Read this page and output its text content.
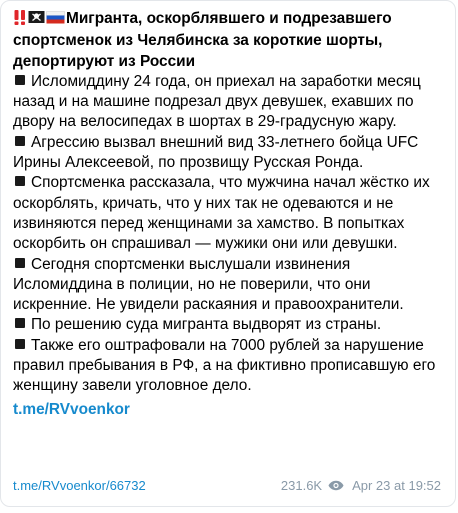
Мигранта, оскорблявшего и подрезавшего спортсменок из Челябинска за короткие шорты, депортируют из России

Исломиддину 24 года, он приехал на заработки месяц назад и на машине подрезал двух девушек, ехавших по двору на велосипедах в шортах в 29-градусную жару.

Агрессию вызвал внешний вид 33-летнего бойца UFC Ирины Алексеевой, по прозвищу Русская Ронда.

Спортсменка рассказала, что мужчина начал жёстко их оскорблять, кричать, что у них так не одеваются и не извиняются перед женщинами за хамство. В попытках оскорбить он спрашивал — мужики они или девушки.

Сегодня спортсменки выслушали извинения Исломиддина в полиции, но не поверили, что они искренние. Не увидели раскаяния и правоохранители.

По решению суда мигранта выдворят из страны.

Также его оштрафовали на 7000 рублей за нарушение правил пребывания в РФ, а на фиктивно прописавшую его женщину завели уголовное дело.

t.me/RVvoenkor
t.me/RVvoenkor/66732	231.6K Apr 23 at 19:52
